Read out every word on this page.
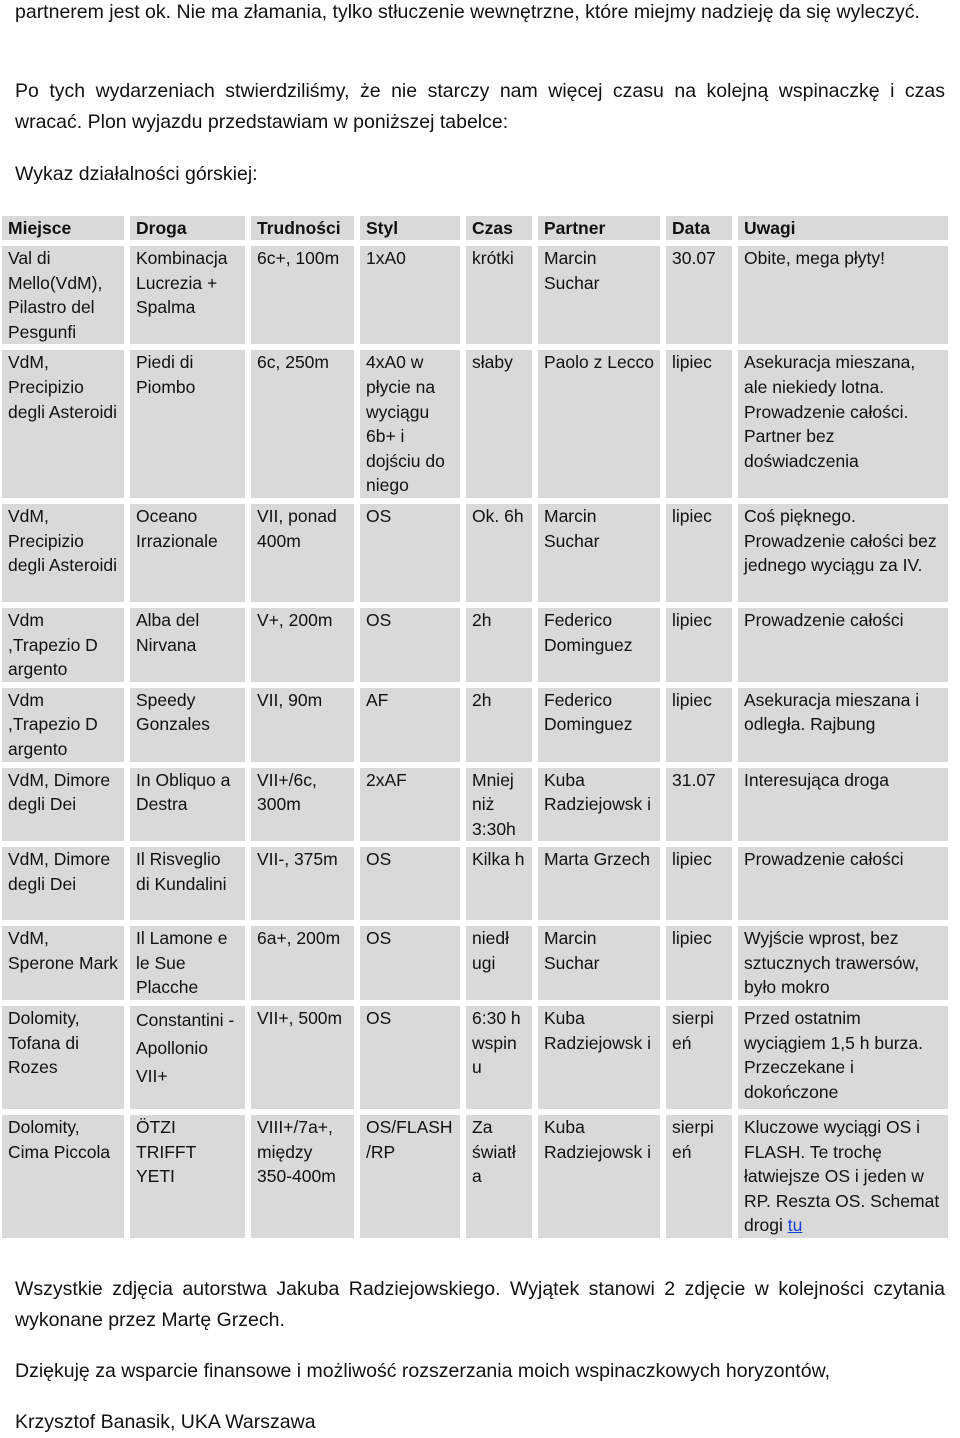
partnerem jest ok. Nie ma złamania, tylko stłuczenie wewnętrzne, które miejmy nadzieję da się wyleczyć.

Po tych wydarzeniach stwierdziliśmy, że nie starczy nam więcej czasu na kolejną wspinaczkę i czas wracać. Plon wyjazdu przedstawiam w poniższej tabelce:

Wykaz działalności górskiej:

Miejsce	Droga	Trudności	Styl	Czas	Partner	Data	Uwagi
Val di Mello(VdM), Pilastro del Pesgunfi	Kombinacja Lucrezia + Spalma	6c+, 100m	1xA0	krótki	Marcin Suchar	30.07	Obite, mega płyty!
VdM, Precipizio degli Asteroidi	Piedi di Piombo	6c, 250m	4xA0 w płycie na wyciągu 6b+ i dojściu do niego	słaby	Paolo z Lecco	lipiec	Asekuracja mieszana, ale niekiedy lotna. Prowadzenie całości. Partner bez doświadczenia
VdM, Precipizio degli Asteroidi	Oceano Irrazionale	VII, ponad 400m	OS	Ok. 6h	Marcin Suchar	lipiec	Coś pięknego. Prowadzenie całości bez jednego wyciągu za IV.
Vdm ,Trapezio D argento	Alba del Nirvana	V+, 200m	OS	2h	Federico Dominguez	lipiec	Prowadzenie całości
Vdm ,Trapezio D argento	Speedy Gonzales	VII, 90m	AF	2h	Federico Dominguez	lipiec	Asekuracja mieszana i odległa. Rajbung
VdM, Dimore degli Dei	In Obliquo a Destra	VII+/6c, 300m	2xAF	Mniej niż 3:30h	Kuba Radziejowsk i	31.07	Interesująca droga
VdM, Dimore degli Dei	Il Risveglio di Kundalini	VII-, 375m	OS	Kilka h	Marta Grzech	lipiec	Prowadzenie całości
VdM, Sperone Mark	Il Lamone e le Sue Placche	6a+, 200m	OS	niedł ugi	Marcin Suchar	lipiec	Wyjście wprost, bez sztucznych trawersów, było mokro
Dolomity, Tofana di Rozes	Constantini - Apollonio VII+	VII+, 500m	OS	6:30 h wspin u	Kuba Radziejowsk i	sierpi eń	Przed ostatnim wyciągiem 1,5 h burza. Przeczekane i dokończone
Dolomity, Cima Piccola	ÖTZI TRIFFT YETI	VIII+/7a+, między 350-400m	OS/FLASH /RP	Za światł a	Kuba Radziejowsk i	sierpi eń	Kluczowe wyciągi OS i FLASH. Te trochę łatwiejsze OS i jeden w RP. Reszta OS. Schemat drogi tu

Wszystkie zdjęcia autorstwa Jakuba Radziejowskiego. Wyjątek stanowi 2 zdjęcie w kolejności czytania wykonane przez Martę Grzech.

Dziękuję za wsparcie finansowe i możliwość rozszerzania moich wspinaczkowych horyzontów,

Krzysztof Banasik, UKA Warszawa
